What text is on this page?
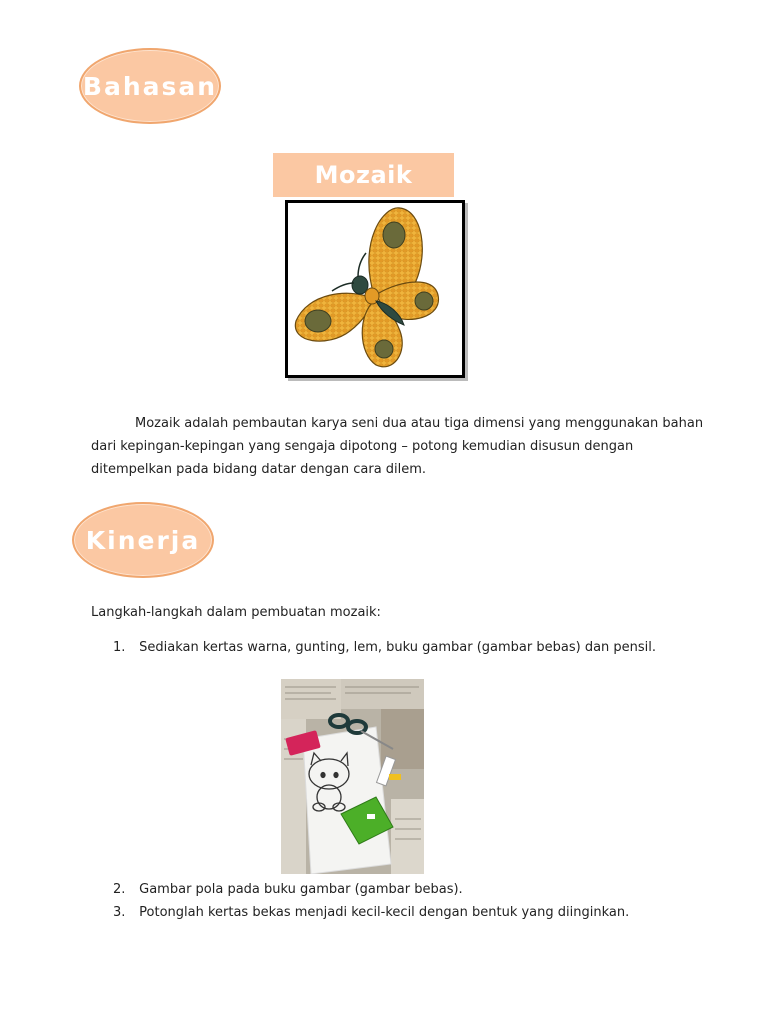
Bahasan
Mozaik
Mozaik adalah pembautan karya seni dua atau tiga dimensi yang menggunakan bahan
dari kepingan-kepingan yang sengaja dipotong – potong kemudian disusun dengan
ditempelkan pada bidang datar dengan cara dilem.
Kinerja
Langkah-langkah dalam pembuatan mozaik:
1. Sediakan kertas warna, gunting, lem, buku gambar (gambar bebas) dan pensil.
2. Gambar pola pada buku gambar (gambar bebas).
3. Potonglah kertas bekas menjadi kecil-kecil dengan bentuk yang diinginkan.
